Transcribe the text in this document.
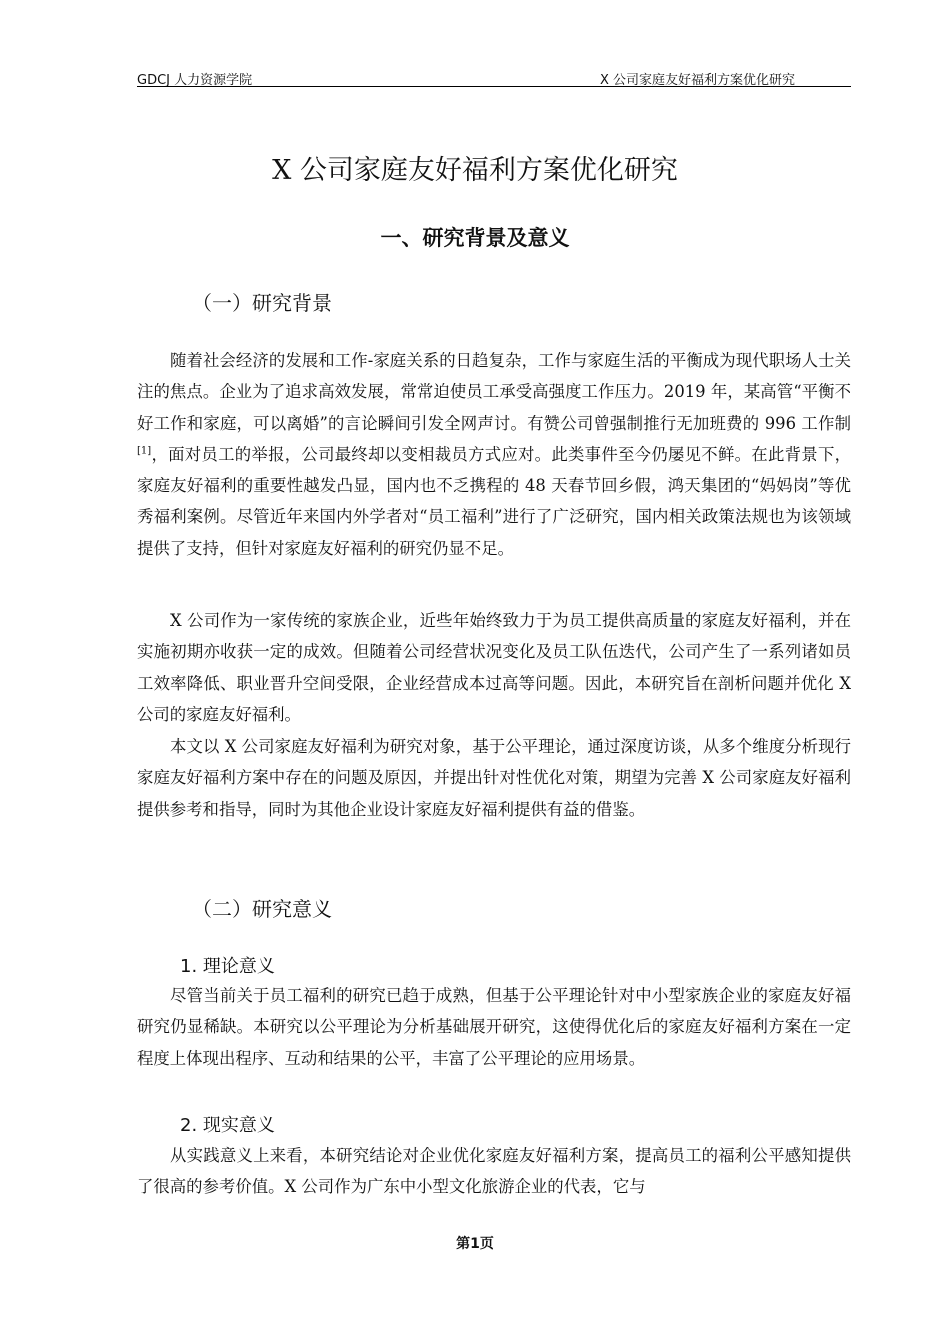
GDCJ 人力资源学院	X 公司家庭友好福利方案优化研究
X 公司家庭友好福利方案优化研究
一、研究背景及意义
（一）研究背景

随着社会经济的发展和工作-家庭关系的日趋复杂，工作与家庭生活的平衡成为现代职场人士关注的焦点。企业为了追求高效发展，常常迫使员工承受高强度工作压力。2019 年，某高管“平衡不好工作和家庭，可以离婚”的言论瞬间引发全网声讨。有赞公司曾强制推行无加班费的 996 工作制[1]，面对员工的举报，公司最终却以变相裁员方式应对。此类事件至今仍屡见不鲜。在此背景下，家庭友好福利的重要性越发凸显，国内也不乏携程的 48 天春节回乡假，鸿天集团的“妈妈岗”等优秀福利案例。尽管近年来国内外学者对“员工福利”进行了广泛研究，国内相关政策法规也为该领域提供了支持，但针对家庭友好福利的研究仍显不足。

X 公司作为一家传统的家族企业，近些年始终致力于为员工提供高质量的家庭友好福利，并在实施初期亦收获一定的成效。但随着公司经营状况变化及员工队伍迭代，公司产生了一系列诸如员工效率降低、职业晋升空间受限，企业经营成本过高等问题。因此，本研究旨在剖析问题并优化 X 公司的家庭友好福利。

本文以 X 公司家庭友好福利为研究对象，基于公平理论，通过深度访谈，从多个维度分析现行家庭友好福利方案中存在的问题及原因，并提出针对性优化对策，期望为完善 X 公司家庭友好福利提供参考和指导，同时为其他企业设计家庭友好福利提供有益的借鉴。

（二）研究意义
1. 理论意义

尽管当前关于员工福利的研究已趋于成熟，但基于公平理论针对中小型家族企业的家庭友好福研究仍显稀缺。本研究以公平理论为分析基础展开研究，这使得优化后的家庭友好福利方案在一定程度上体现出程序、互动和结果的公平，丰富了公平理论的应用场景。

2. 现实意义

从实践意义上来看，本研究结论对企业优化家庭友好福利方案，提高员工的福利公平感知提供了很高的参考价值。X 公司作为广东中小型文化旅游企业的代表，它与

第1页
